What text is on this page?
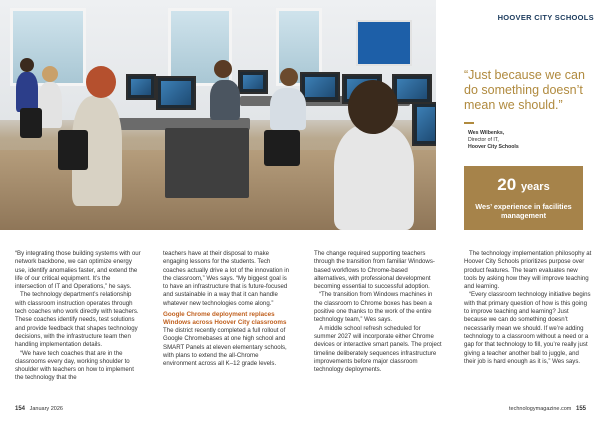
HOOVER CITY SCHOOLS
“Just because we can do something doesn’t mean we should.”
Wes Wilbenks,
Director of IT,
Hoover City Schools
20 years
Wes’ experience in facilities management

“By integrating those building systems with our network backbone, we can optimize energy use, identify anomalies faster, and extend the life of our critical equipment. It’s the intersection of IT and Operations,” he says.

The technology department’s relationship with classroom instruction operates through tech coaches who work directly with teachers. These coaches identify needs, test solutions and provide feedback that shapes technology decisions, with the infrastructure team then handling implementation details.

“We have tech coaches that are in the classrooms every day, working shoulder to shoulder with teachers on how to implement the technology that the

teachers have at their disposal to make engaging lessons for the students. Tech coaches actually drive a lot of the innovation in the classroom,” Wes says. “My biggest goal is to have an infrastructure that is future-focused and sustainable in a way that it can handle whatever new technologies come along.”

Google Chrome deployment replaces Windows across Hoover City classrooms

The district recently completed a full rollout of Google Chromebases at one high school and SMART Panels at eleven elementary schools, with plans to extend the all-Chrome environment across all K–12 grade levels.

The change required supporting teachers through the transition from familiar Windows-based workflows to Chrome-based alternatives, with professional development becoming essential to successful adoption.

“The transition from Windows machines in the classroom to Chrome boxes has been a positive one thanks to the work of the entire technology team,” Wes says.

A middle school refresh scheduled for summer 2027 will incorporate either Chrome devices or interactive smart panels. The project timeline deliberately sequences infrastructure improvements before major classroom technology deployments.

The technology implementation philosophy at Hoover City Schools prioritizes purpose over product features. The team evaluates new tools by asking how they will improve teaching and learning.

“Every classroom technology initiative begins with that primary question of how is this going to improve teaching and learning? Just because we can do something doesn’t necessarily mean we should. If we’re adding technology to a classroom without a need or a gap for that technology to fill, you’re really just giving a teacher another ball to juggle, and their job is hard enough as it is,” Wes says.

154 January 2026	technologymagazine.com 155
